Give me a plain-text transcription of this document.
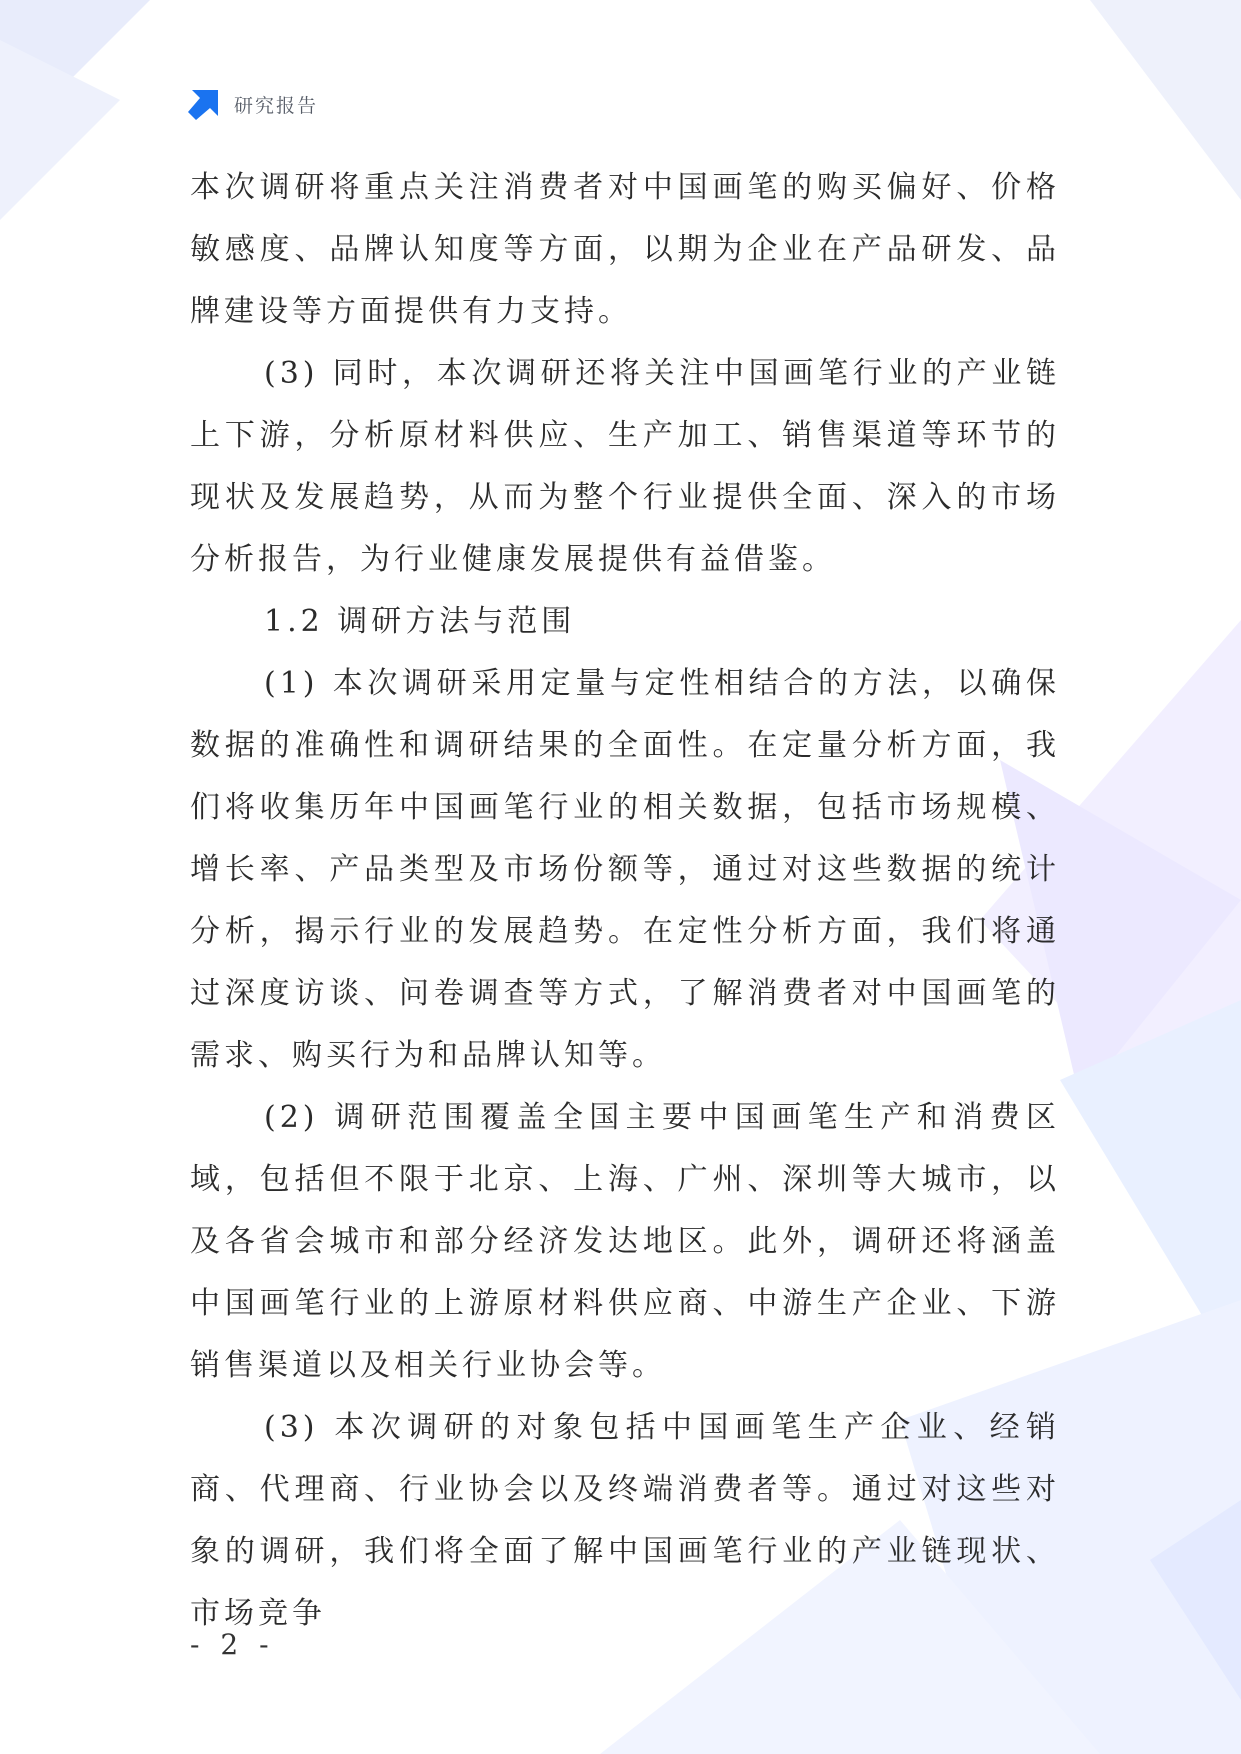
研究报告

本次调研将重点关注消费者对中国画笔的购买偏好、价格敏感度、品牌认知度等方面，以期为企业在产品研发、品牌建设等方面提供有力支持。

(3) 同时，本次调研还将关注中国画笔行业的产业链上下游，分析原材料供应、生产加工、销售渠道等环节的现状及发展趋势，从而为整个行业提供全面、深入的市场分析报告，为行业健康发展提供有益借鉴。

1.2 调研方法与范围

(1) 本次调研采用定量与定性相结合的方法，以确保数据的准确性和调研结果的全面性。在定量分析方面，我们将收集历年中国画笔行业的相关数据，包括市场规模、增长率、产品类型及市场份额等，通过对这些数据的统计分析，揭示行业的发展趋势。在定性分析方面，我们将通过深度访谈、问卷调查等方式，了解消费者对中国画笔的需求、购买行为和品牌认知等。

(2) 调研范围覆盖全国主要中国画笔生产和消费区域，包括但不限于北京、上海、广州、深圳等大城市，以及各省会城市和部分经济发达地区。此外，调研还将涵盖中国画笔行业的上游原材料供应商、中游生产企业、下游销售渠道以及相关行业协会等。

(3) 本次调研的对象包括中国画笔生产企业、经销商、代理商、行业协会以及终端消费者等。通过对这些对象的调研，我们将全面了解中国画笔行业的产业链现状、市场竞争

- 2 -
